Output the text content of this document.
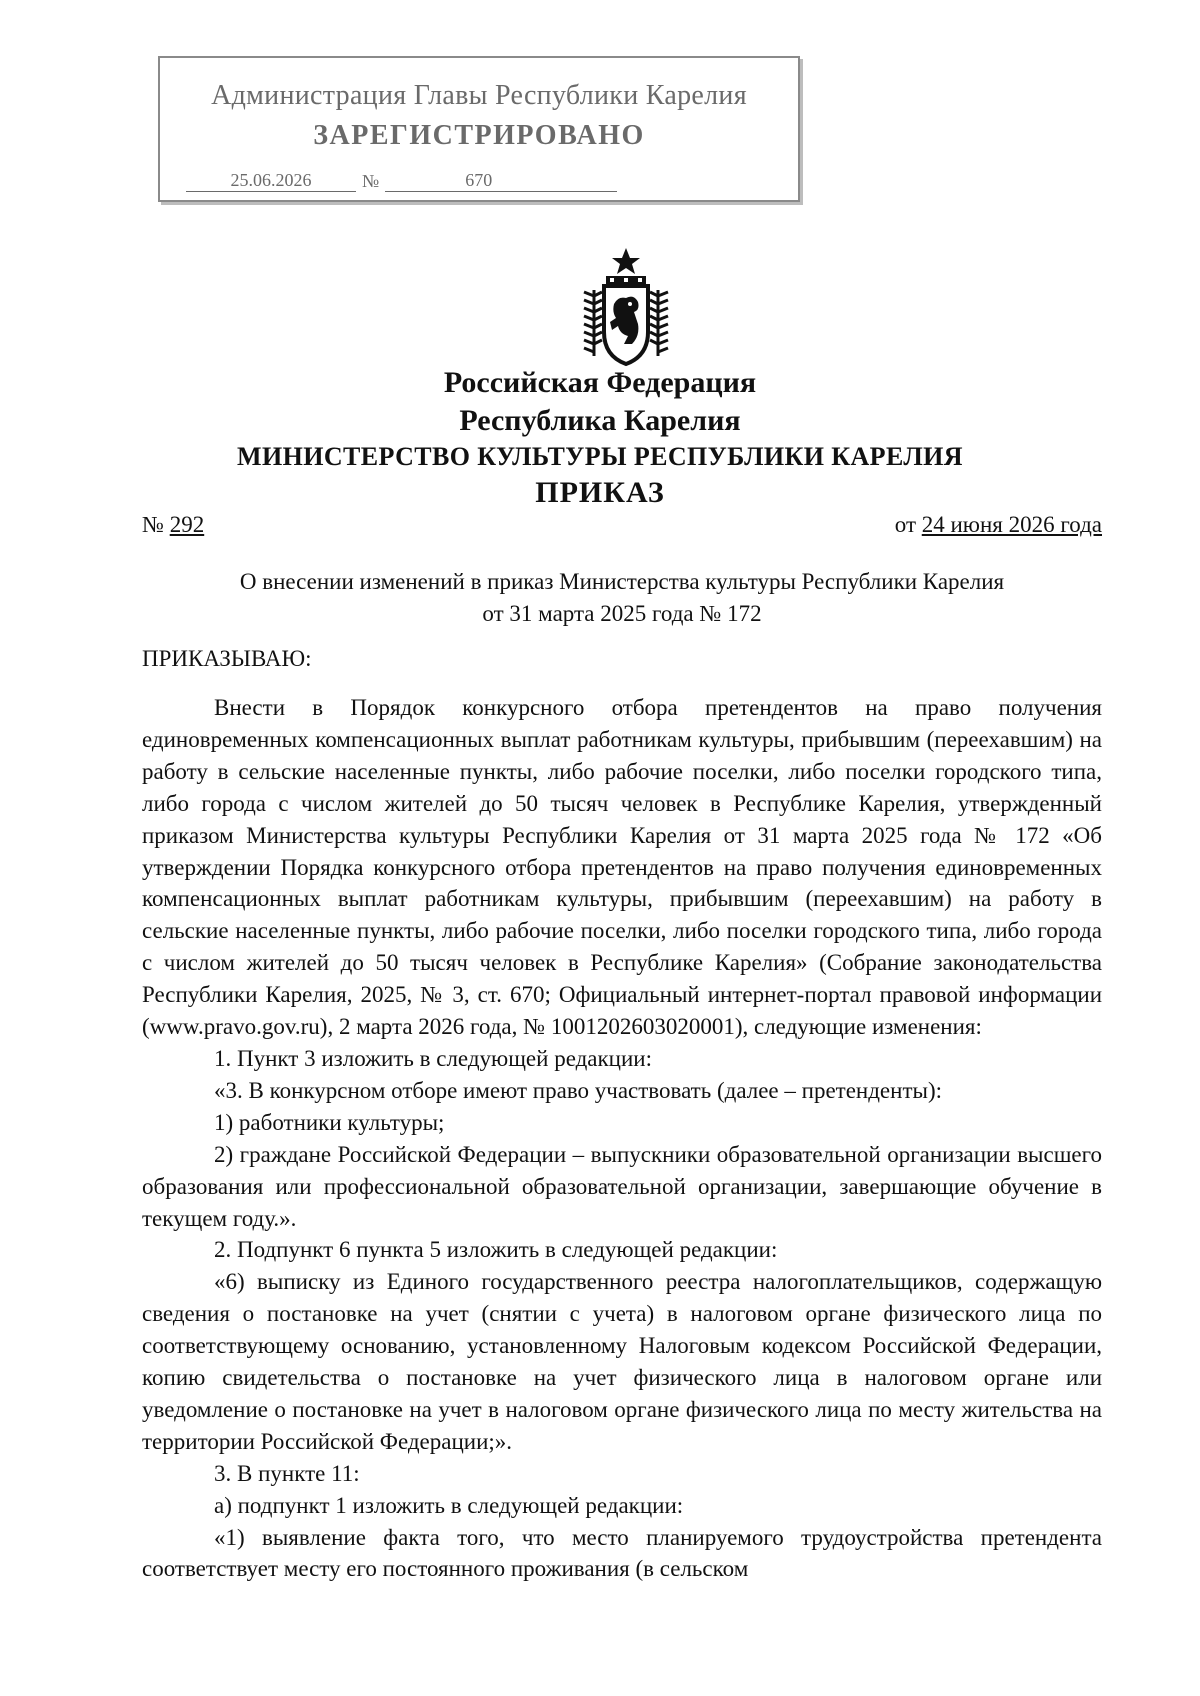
Администрация Главы Республики Карелия
ЗАРЕГИСТРИРОВАНО
25.06.2026	№	670
Российская Федерация
Республика Карелия
МИНИСТЕРСТВО КУЛЬТУРЫ РЕСПУБЛИКИ КАРЕЛИЯ
ПРИКАЗ
№ 292	от 24 июня 2026 года
О внесении изменений в приказ Министерства культуры Республики Карелия
от 31 марта 2025 года № 172
ПРИКАЗЫВАЮ:

Внести в Порядок конкурсного отбора претендентов на право получения единовременных компенсационных выплат работникам культуры, прибывшим (переехавшим) на работу в сельские населенные пункты, либо рабочие поселки, либо поселки городского типа, либо города с числом жителей до 50 тысяч человек в Республике Карелия, утвержденный приказом Министерства культуры Республики Карелия от 31 марта 2025 года № 172 «Об утверждении Порядка конкурсного отбора претендентов на право получения единовременных компенсационных выплат работникам культуры, прибывшим (переехавшим) на работу в сельские населенные пункты, либо рабочие поселки, либо поселки городского типа, либо города с числом жителей до 50 тысяч человек в Республике Карелия» (Собрание законодательства Республики Карелия, 2025, № 3, ст. 670; Официальный интернет-портал правовой информации (www.pravo.gov.ru), 2 марта 2026 года, № 1001202603020001), следующие изменения:

1. Пункт 3 изложить в следующей редакции:

«3. В конкурсном отборе имеют право участвовать (далее – претенденты):

1) работники культуры;

2) граждане Российской Федерации – выпускники образовательной организации высшего образования или профессиональной образовательной организации, завершающие обучение в текущем году.».

2. Подпункт 6 пункта 5 изложить в следующей редакции:

«6) выписку из Единого государственного реестра налогоплательщиков, содержащую сведения о постановке на учет (снятии с учета) в налоговом органе физического лица по соответствующему основанию, установленному Налоговым кодексом Российской Федерации, копию свидетельства о постановке на учет физического лица в налоговом органе или уведомление о постановке на учет в налоговом органе физического лица по месту жительства на территории Российской Федерации;».

3. В пункте 11:

а) подпункт 1 изложить в следующей редакции:

«1) выявление факта того, что место планируемого трудоустройства претендента соответствует месту его постоянного проживания (в сельском
